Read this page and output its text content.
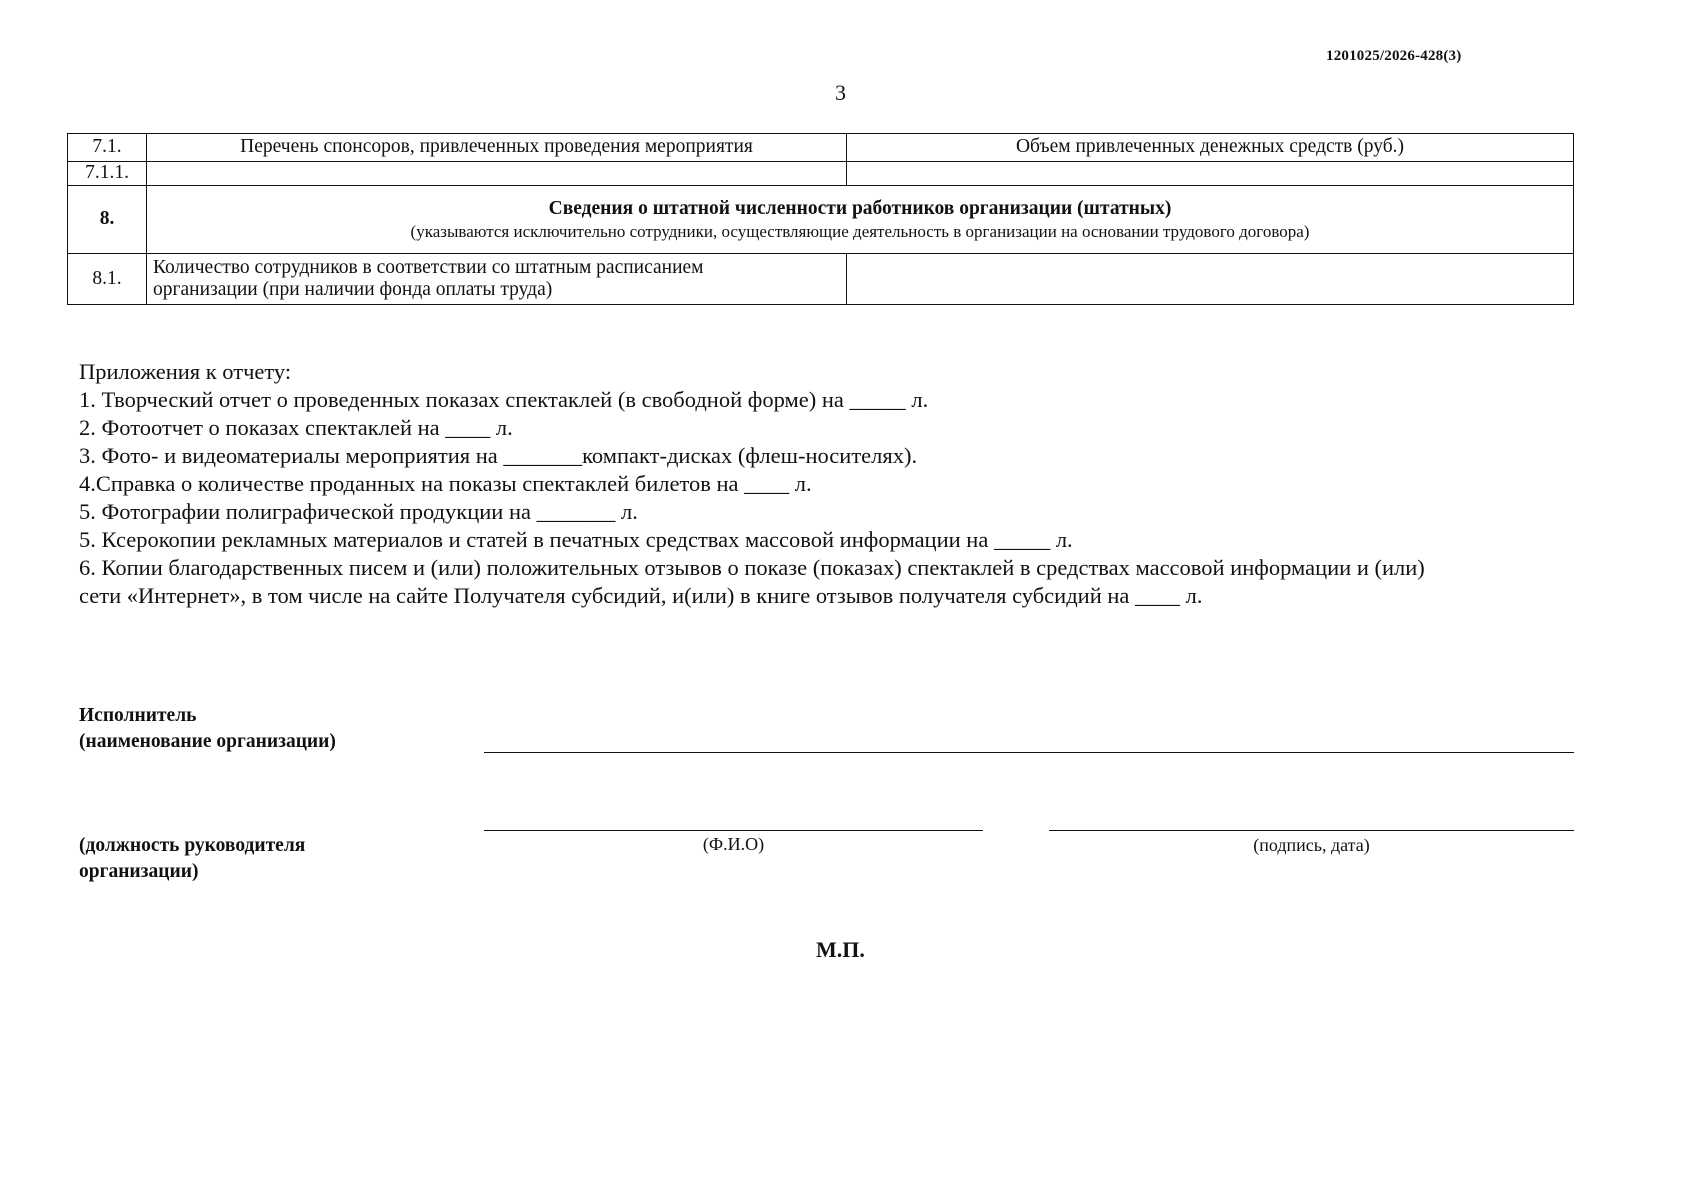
1201025/2026-428(3)
3
7.1.	Перечень спонсоров, привлеченных проведения мероприятия	Объем привлеченных денежных средств (руб.)
7.1.1.		
8.	Сведения о штатной численности работников организации (штатных)
(указываются исключительно сотрудники, осуществляющие деятельность в организации на основании трудового договора)	

8.1.	Количество сотрудников в соответствии со штатным расписанием
организации (при наличии фонда оплаты труда)	

Приложения к отчету:

1. Творческий отчет о проведенных показах спектаклей (в свободной форме) на _____ л.

2. Фотоотчет о показах спектаклей на ____ л.

3. Фото- и видеоматериалы мероприятия на _______компакт-дисках (флеш-носителях).

4.Справка о количестве проданных на показы спектаклей билетов на ____ л.

5. Фотографии полиграфической продукции на _______ л.

5. Ксерокопии рекламных материалов и статей в печатных средствах массовой информации на _____ л.

6. Копии благодарственных писем и (или) положительных отзывов о показе (показах) спектаклей в средствах массовой информации и (или)

сети «Интернет», в том числе на сайте Получателя субсидий, и(или) в книге отзывов получателя субсидий на ____ л.

Исполнитель
(наименование организации)
(должность руководителя
организации)
(Ф.И.О)	(подпись, дата)
М.П.
